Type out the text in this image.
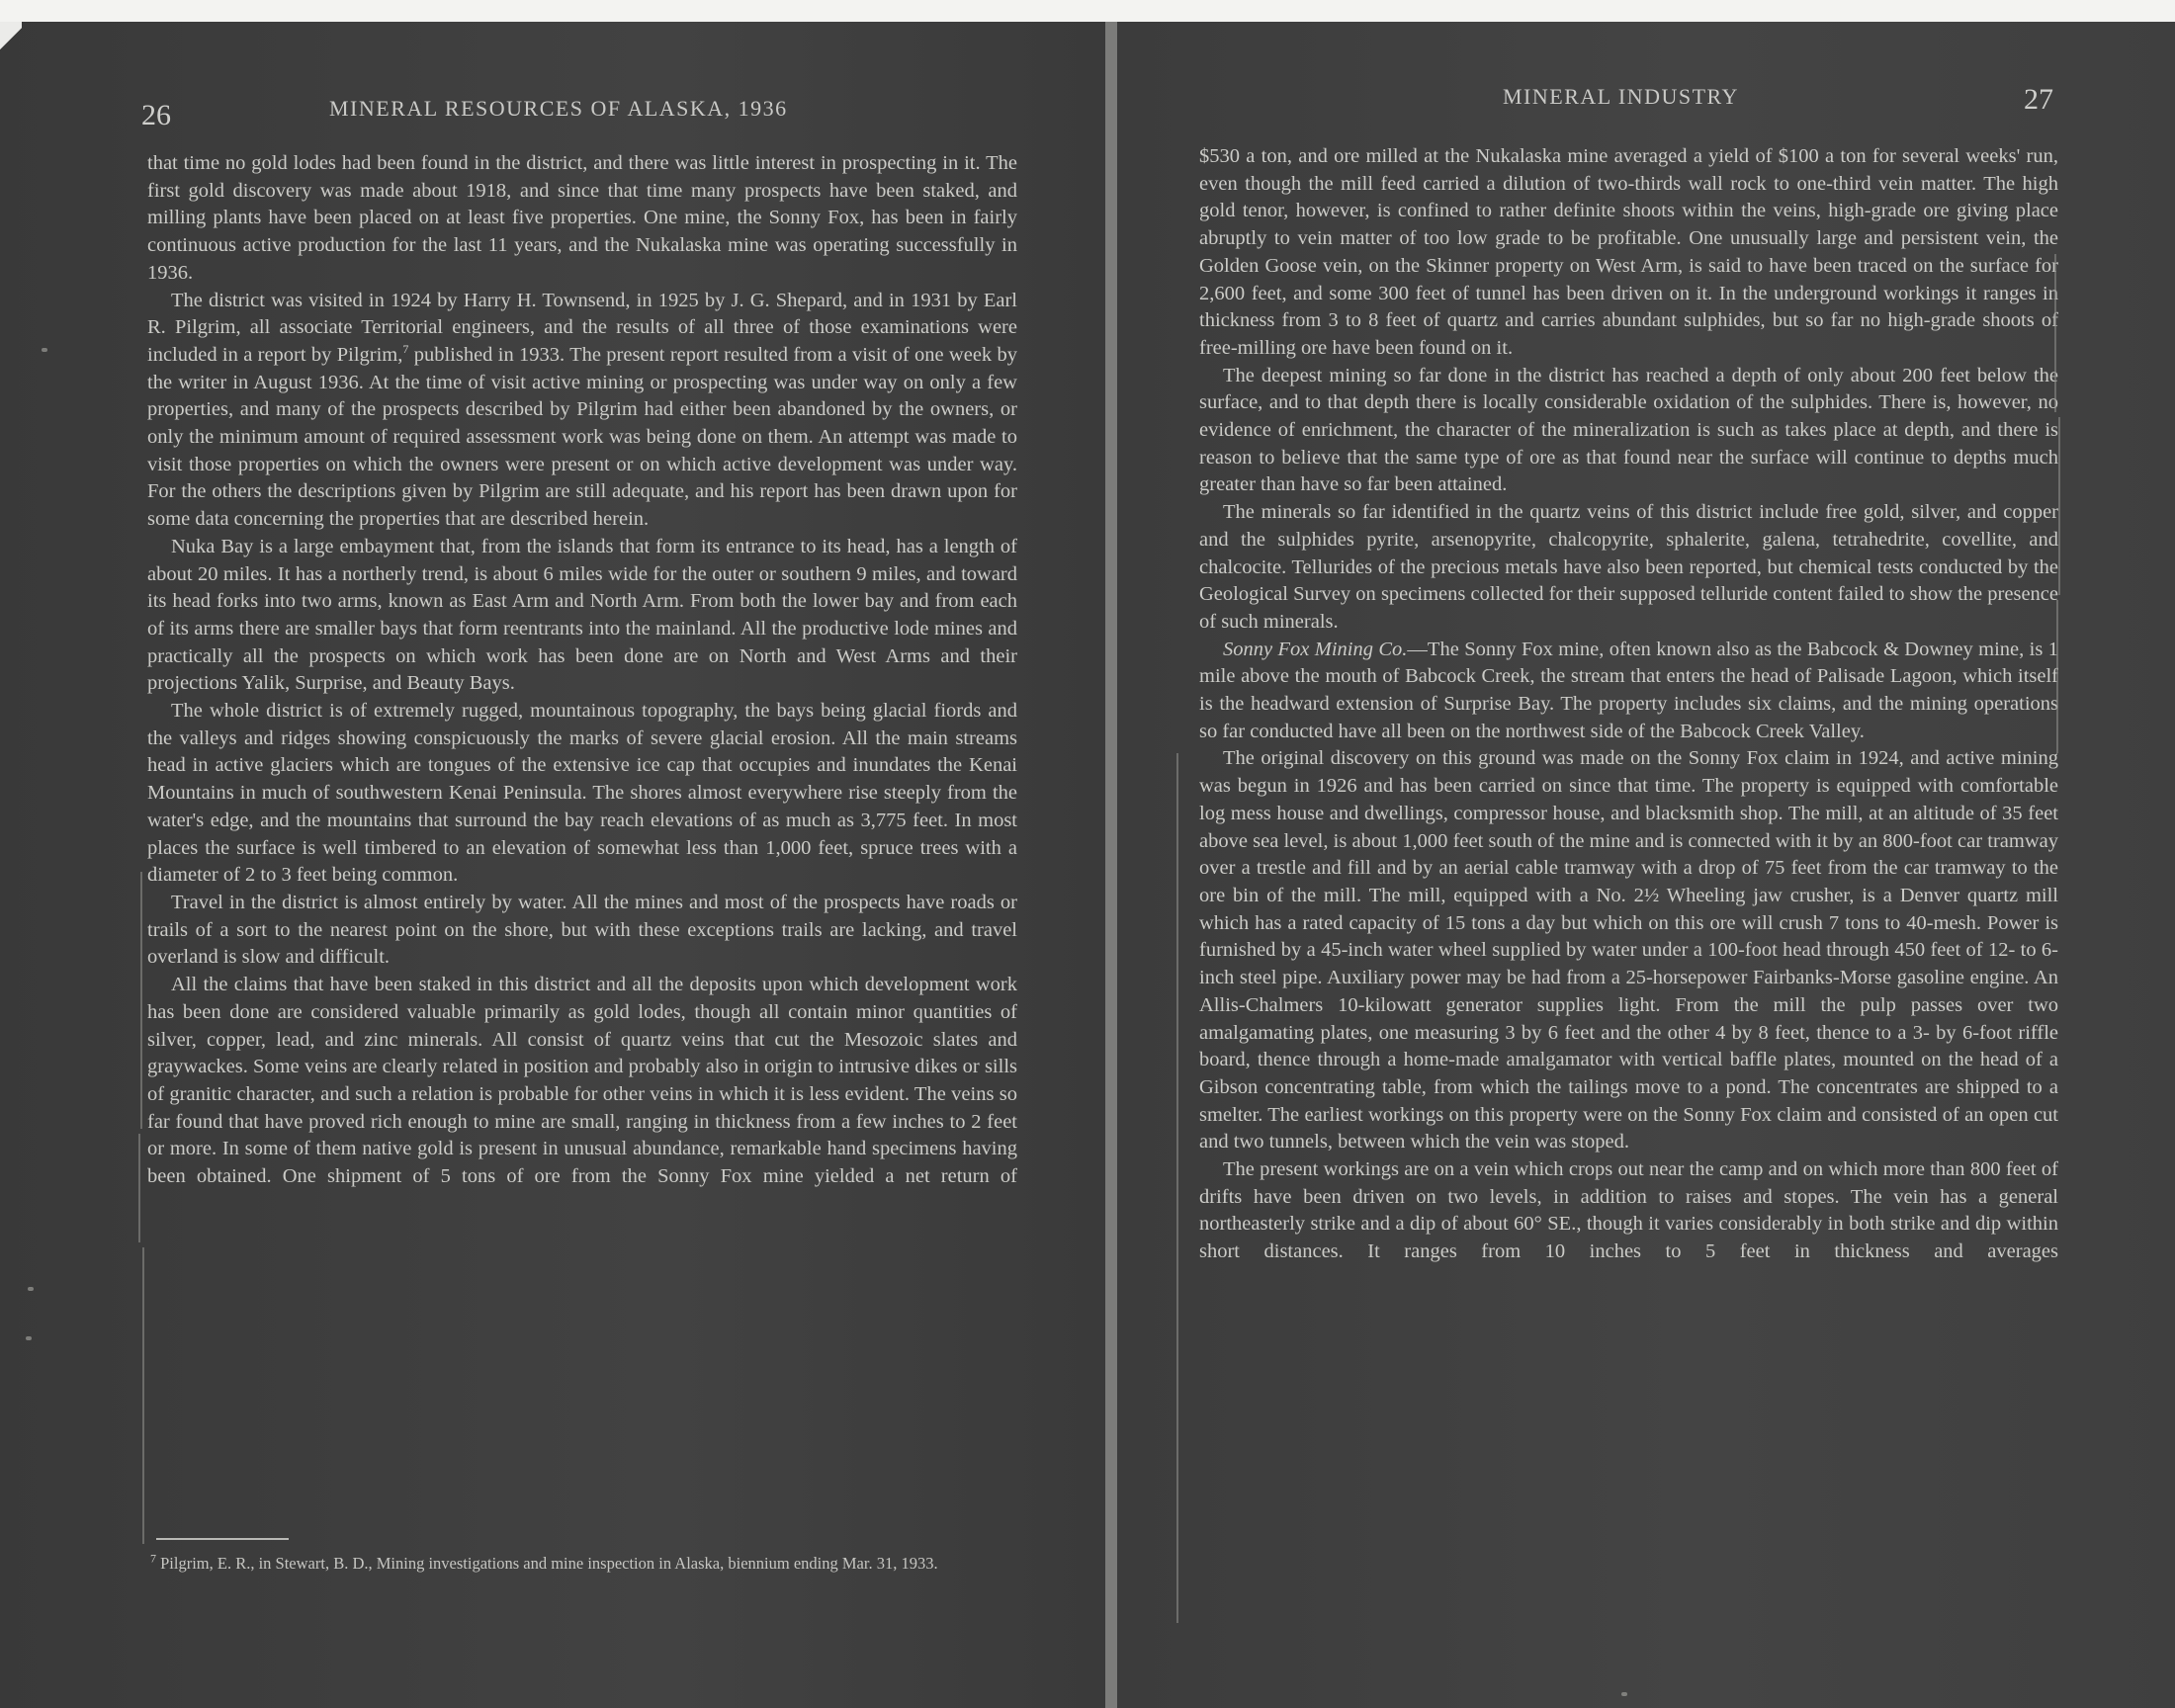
26	MINERAL RESOURCES OF ALASKA, 1936

that time no gold lodes had been found in the district, and there was little interest in prospecting in it. The first gold discovery was made about 1918, and since that time many prospects have been staked, and milling plants have been placed on at least five properties. One mine, the Sonny Fox, has been in fairly continuous active production for the last 11 years, and the Nukalaska mine was operating successfully in 1936.

The district was visited in 1924 by Harry H. Townsend, in 1925 by J. G. Shepard, and in 1931 by Earl R. Pilgrim, all associate Territorial engineers, and the results of all three of those examinations were included in a report by Pilgrim,$^7$ published in 1933. The present report resulted from a visit of one week by the writer in August 1936. At the time of visit active mining or prospecting was under way on only a few properties, and many of the prospects described by Pilgrim had either been abandoned by the owners, or only the minimum amount of required assessment work was being done on them. An attempt was made to visit those properties on which the owners were present or on which active development was under way. For the others the descriptions given by Pilgrim are still adequate, and his report has been drawn upon for some data concerning the properties that are described herein.

Nuka Bay is a large embayment that, from the islands that form its entrance to its head, has a length of about 20 miles. It has a northerly trend, is about 6 miles wide for the outer or southern 9 miles, and toward its head forks into two arms, known as East Arm and North Arm. From both the lower bay and from each of its arms there are smaller bays that form reentrants into the mainland. All the productive lode mines and practically all the prospects on which work has been done are on North and West Arms and their projections Yalik, Surprise, and Beauty Bays.

The whole district is of extremely rugged, mountainous topography, the bays being glacial fiords and the valleys and ridges showing conspicuously the marks of severe glacial erosion. All the main streams head in active glaciers which are tongues of the extensive ice cap that occupies and inundates the Kenai Mountains in much of southwestern Kenai Peninsula. The shores almost everywhere rise steeply from the water's edge, and the mountains that surround the bay reach elevations of as much as 3,775 feet. In most places the surface is well timbered to an elevation of somewhat less than 1,000 feet, spruce trees with a diameter of 2 to 3 feet being common.

Travel in the district is almost entirely by water. All the mines and most of the prospects have roads or trails of a sort to the nearest point on the shore, but with these exceptions trails are lacking, and travel overland is slow and difficult.

All the claims that have been staked in this district and all the deposits upon which development work has been done are considered valuable primarily as gold lodes, though all contain minor quantities of silver, copper, lead, and zinc minerals. All consist of quartz veins that cut the Mesozoic slates and graywackes. Some veins are clearly related in position and probably also in origin to intrusive dikes or sills of granitic character, and such a relation is probable for other veins in which it is less evident. The veins so far found that have proved rich enough to mine are small, ranging in thickness from a few inches to 2 feet or more. In some of them native gold is present in unusual abundance, remarkable hand specimens having been obtained. One shipment of 5 tons of ore from the Sonny Fox mine yielded a net return of

$^7$ Pilgrim, E. R., in Stewart, B. D., Mining investigations and mine inspection in Alaska, biennium ending Mar. 31, 1933.
MINERAL INDUSTRY	27

$530 a ton, and ore milled at the Nukalaska mine averaged a yield of $100 a ton for several weeks' run, even though the mill feed carried a dilution of two-thirds wall rock to one-third vein matter. The high gold tenor, however, is confined to rather definite shoots within the veins, high-grade ore giving place abruptly to vein matter of too low grade to be profitable. One unusually large and persistent vein, the Golden Goose vein, on the Skinner property on West Arm, is said to have been traced on the surface for 2,600 feet, and some 300 feet of tunnel has been driven on it. In the underground workings it ranges in thickness from 3 to 8 feet of quartz and carries abundant sulphides, but so far no high-grade shoots of free-milling ore have been found on it.

The deepest mining so far done in the district has reached a depth of only about 200 feet below the surface, and to that depth there is locally considerable oxidation of the sulphides. There is, however, no evidence of enrichment, the character of the mineralization is such as takes place at depth, and there is reason to believe that the same type of ore as that found near the surface will continue to depths much greater than have so far been attained.

The minerals so far identified in the quartz veins of this district include free gold, silver, and copper and the sulphides pyrite, arsenopyrite, chalcopyrite, sphalerite, galena, tetrahedrite, covellite, and chalcocite. Tellurides of the precious metals have also been reported, but chemical tests conducted by the Geological Survey on specimens collected for their supposed telluride content failed to show the presence of such minerals.

Sonny Fox Mining Co.—The Sonny Fox mine, often known also as the Babcock & Downey mine, is 1 mile above the mouth of Babcock Creek, the stream that enters the head of Palisade Lagoon, which itself is the headward extension of Surprise Bay. The property includes six claims, and the mining operations so far conducted have all been on the northwest side of the Babcock Creek Valley.

The original discovery on this ground was made on the Sonny Fox claim in 1924, and active mining was begun in 1926 and has been carried on since that time. The property is equipped with comfortable log mess house and dwellings, compressor house, and blacksmith shop. The mill, at an altitude of 35 feet above sea level, is about 1,000 feet south of the mine and is connected with it by an 800-foot car tramway over a trestle and fill and by an aerial cable tramway with a drop of 75 feet from the car tramway to the ore bin of the mill. The mill, equipped with a No. 2½ Wheeling jaw crusher, is a Denver quartz mill which has a rated capacity of 15 tons a day but which on this ore will crush 7 tons to 40-mesh. Power is furnished by a 45-inch water wheel supplied by water under a 100-foot head through 450 feet of 12- to 6-inch steel pipe. Auxiliary power may be had from a 25-horsepower Fairbanks-Morse gasoline engine. An Allis-Chalmers 10-kilowatt generator supplies light. From the mill the pulp passes over two amalgamating plates, one measuring 3 by 6 feet and the other 4 by 8 feet, thence to a 3- by 6-foot riffle board, thence through a home-made amalgamator with vertical baffle plates, mounted on the head of a Gibson concentrating table, from which the tailings move to a pond. The concentrates are shipped to a smelter. The earliest workings on this property were on the Sonny Fox claim and consisted of an open cut and two tunnels, between which the vein was stoped.

The present workings are on a vein which crops out near the camp and on which more than 800 feet of drifts have been driven on two levels, in addition to raises and stopes. The vein has a general northeasterly strike and a dip of about 60° SE., though it varies considerably in both strike and dip within short distances. It ranges from 10 inches to 5 feet in thickness and averages
